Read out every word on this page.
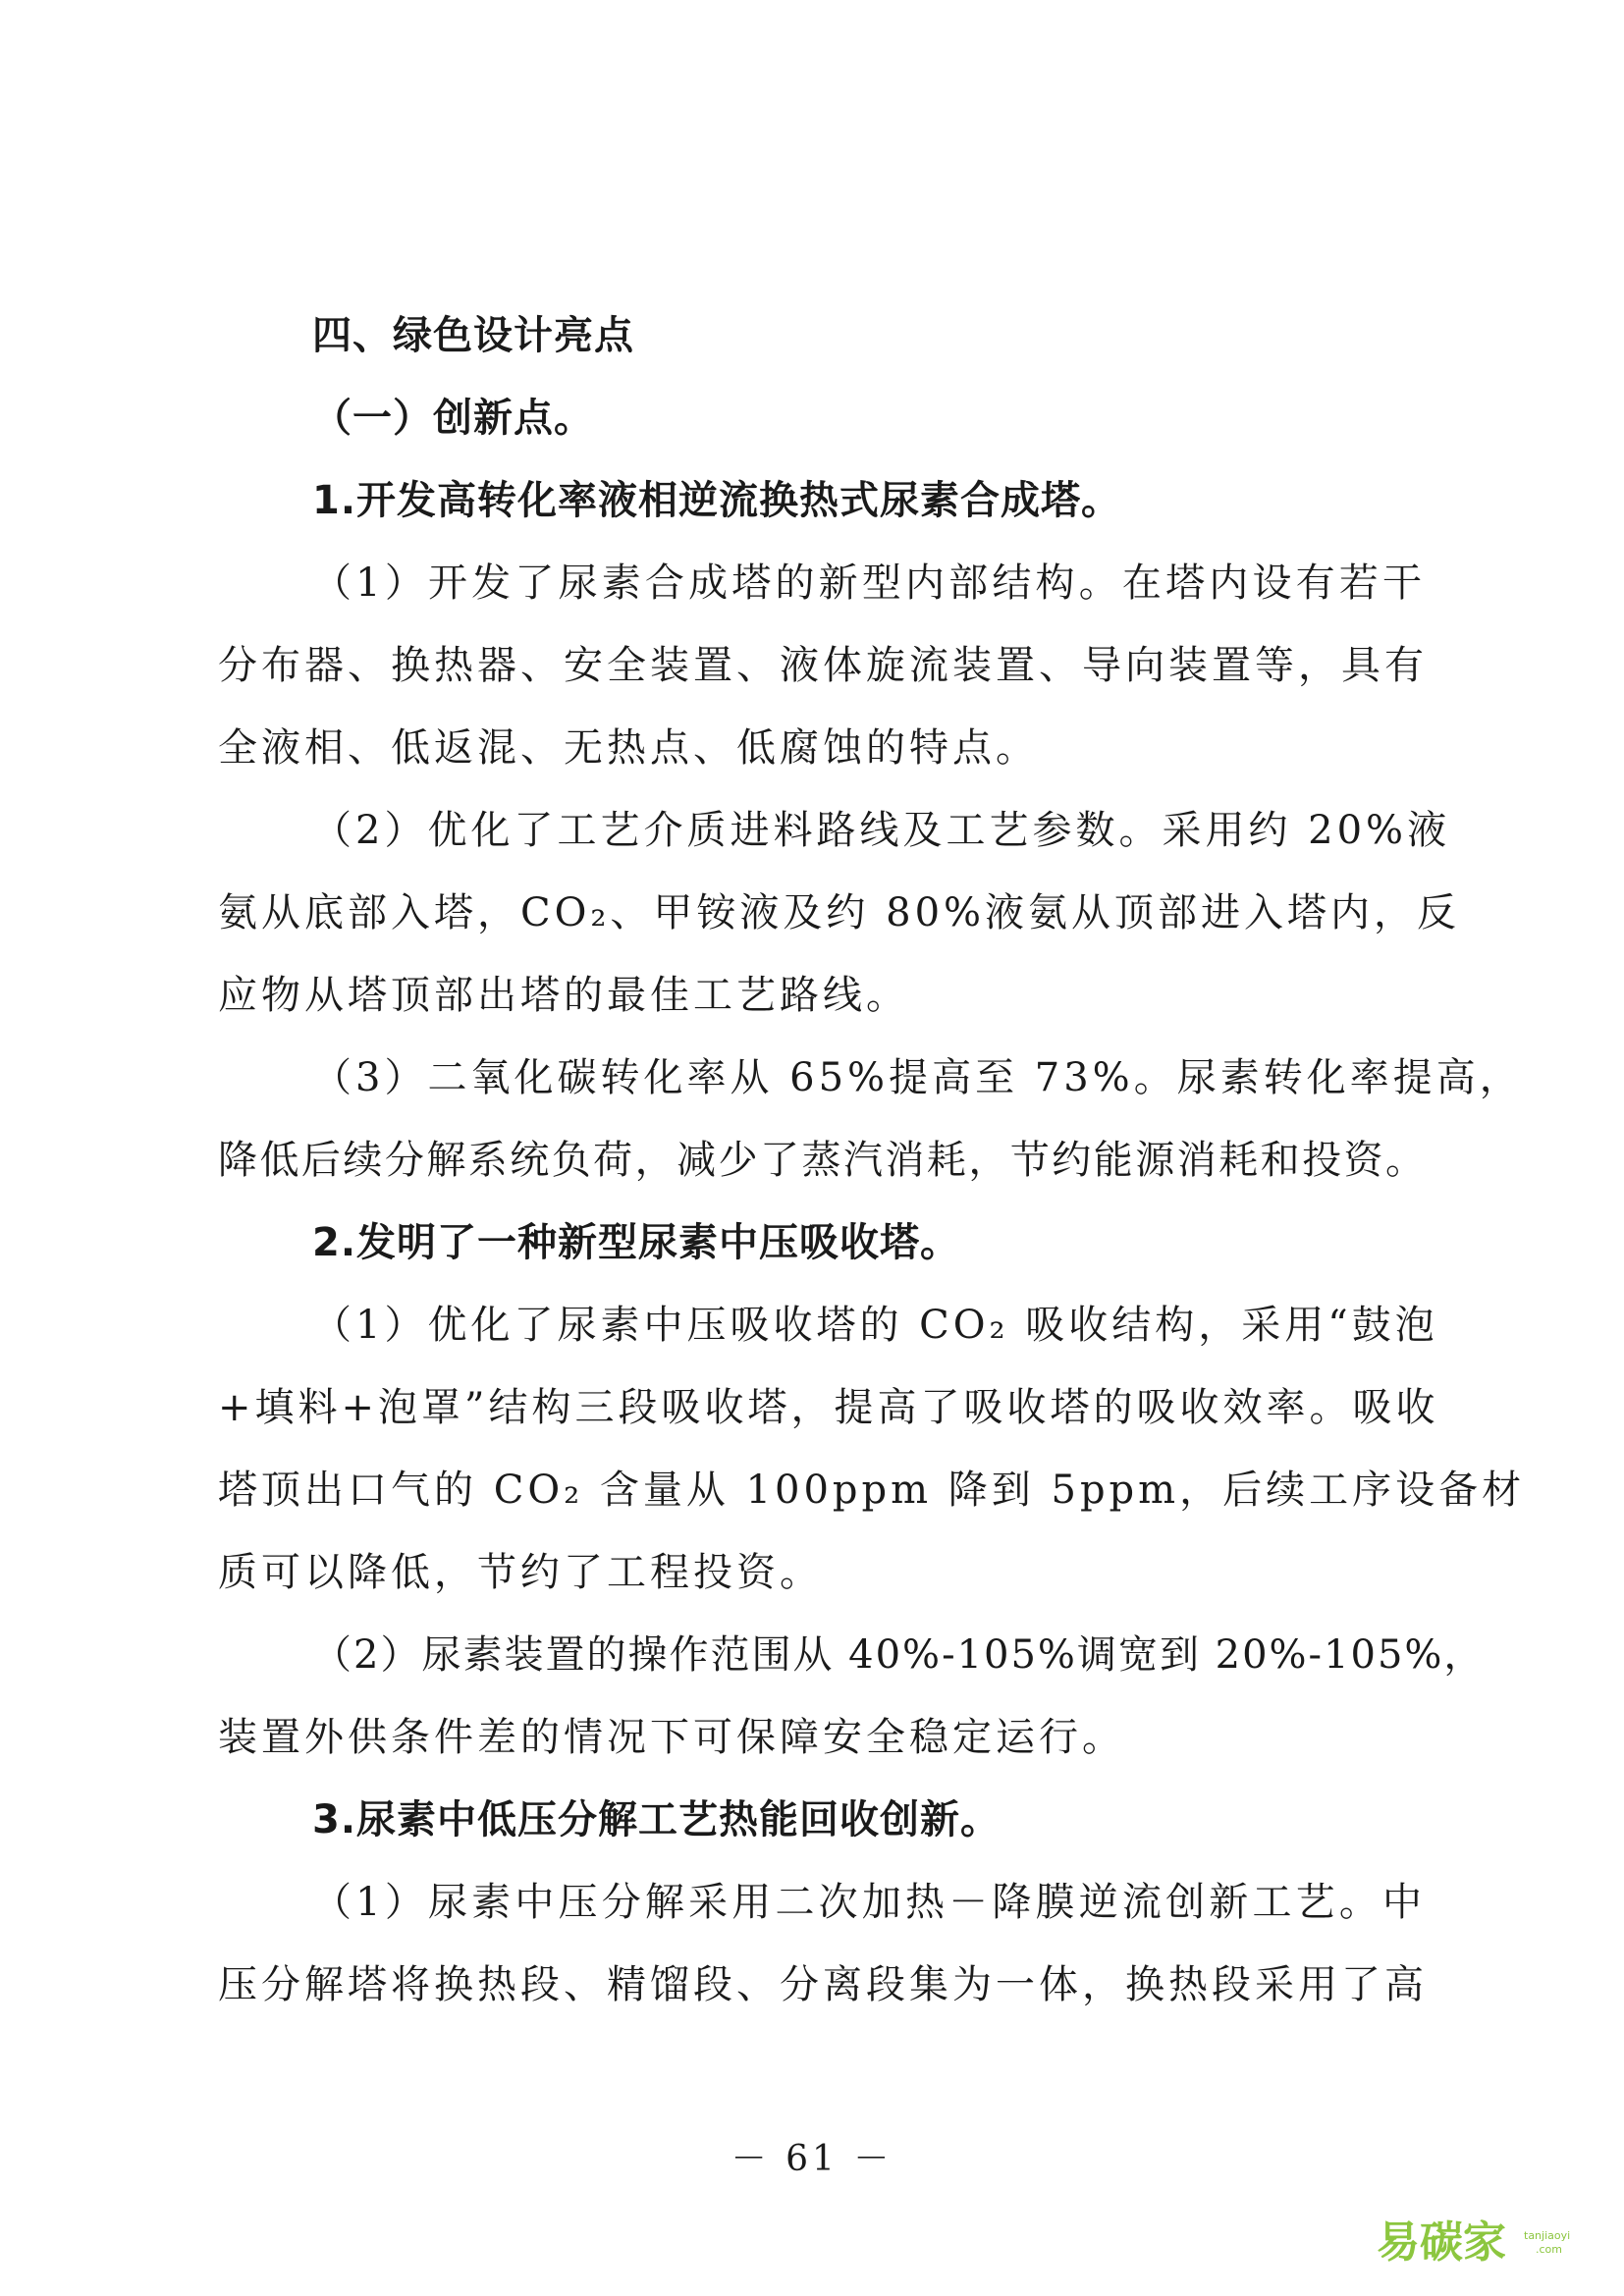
四、绿色设计亮点
（一）创新点。
1.开发高转化率液相逆流换热式尿素合成塔。
（1）开发了尿素合成塔的新型内部结构。在塔内设有若干
分布器、换热器、安全装置、液体旋流装置、导向装置等，具有
全液相、低返混、无热点、低腐蚀的特点。
（2）优化了工艺介质进料路线及工艺参数。采用约 20%液
氨从底部入塔，CO₂、甲铵液及约 80%液氨从顶部进入塔内，反
应物从塔顶部出塔的最佳工艺路线。
（3）二氧化碳转化率从 65%提高至 73%。尿素转化率提高，
降低后续分解系统负荷，减少了蒸汽消耗，节约能源消耗和投资。
2.发明了一种新型尿素中压吸收塔。
（1）优化了尿素中压吸收塔的 CO₂ 吸收结构，采用“鼓泡
+填料+泡罩”结构三段吸收塔，提高了吸收塔的吸收效率。吸收
塔顶出口气的 CO₂ 含量从 100ppm 降到 5ppm，后续工序设备材
质可以降低，节约了工程投资。
（2）尿素装置的操作范围从 40%-105%调宽到 20%-105%，
装置外供条件差的情况下可保障安全稳定运行。
3.尿素中低压分解工艺热能回收创新。
（1）尿素中压分解采用二次加热－降膜逆流创新工艺。中
压分解塔将换热段、精馏段、分离段集为一体，换热段采用了高
－ 61 －
易碳家 tanjiaoyi
.com
